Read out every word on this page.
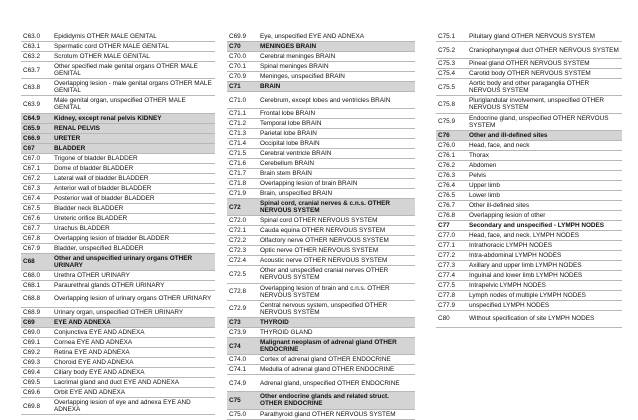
C63.0	Epididymis OTHER MALE GENITAL
C63.1	Spermatic cord OTHER MALE GENITAL
C63.2	Scrotum OTHER MALE GENITAL
C63.7	Other specified male genital organs OTHER MALE GENITAL
C63.8	Overlapping lesion - male genital organs OTHER MALE GENITAL
C63.9	Male genital organ, unspecified OTHER MALE GENITAL
C64.9	Kidney, except renal pelvis KIDNEY
C65.9	RENAL PELVIS
C66.9	URETER
C67	BLADDER
C67.0	Trigone of bladder BLADDER
C67.1	Dome of bladder BLADDER
C67.2	Lateral wall of bladder BLADDER
C67.3	Anterior wall of bladder BLADDER
C67.4	Posterior wall of bladder BLADDER
C67.5	Bladder neck BLADDER
C67.6	Ureteric orifice BLADDER
C67.7	Urachus BLADDER
C67.8	Overlapping lesion of bladder BLADDER
C67.9	Bladder, unspecified BLADDER
C68	Other and unspecified urinary organs OTHER URINARY
C68.0	Urethra OTHER URINARY
C68.1	Paraurethral glands OTHER URINARY
C68.8	Overlapping lesion of urinary organs OTHER URINARY
C68.9	Urinary organ, unspecified OTHER URINARY
C69	EYE AND ADNEXA
C69.0	Conjunctiva EYE AND ADNEXA
C69.1	Cornea EYE AND ADNEXA
C69.2	Retina EYE AND ADNEXA
C69.3	Choroid EYE AND ADNEXA
C69.4	Ciliary body EYE AND ADNEXA
C69.5	Lacrimal gland and duct EYE AND ADNEXA
C69.6	Orbit EYE AND ADNEXA
C69.8	Overlapping lesion of eye and adnexa EYE AND ADNEXA
C69.9	Eye, unspecified EYE AND ADNEXA
C70	MENINGES BRAIN
C70.0	Cerebral meninges BRAIN
C70.1	Spinal meninges BRAIN
C70.9	Meninges, unspecified BRAIN
C71	BRAIN
C71.0	Cerebrum, except lobes and ventricles BRAIN
C71.1	Frontal lobe BRAIN
C71.2	Temporal lobe BRAIN
C71.3	Parietal lobe BRAIN
C71.4	Occipital lobe BRAIN
C71.5	Cerebral ventricle BRAIN
C71.6	Cerebellum BRAIN
C71.7	Brain stem BRAIN
C71.8	Overlapping lesion of brain BRAIN
C71.9	Brain, unspecified BRAIN
C72	Spinal cord, cranial nerves & c.n.s. OTHER NERVOUS SYSTEM
C72.0	Spinal cord OTHER NERVOUS SYSTEM
C72.1	Cauda equina OTHER NERVOUS SYSTEM
C72.2	Olfactory nerve OTHER NERVOUS SYSTEM
C72.3	Optic nerve OTHER NERVOUS SYSTEM
C72.4	Acoustic nerve OTHER NERVOUS SYSTEM
C72.5	Other and unspecified cranial nerves OTHER NERVOUS SYSTEM
C72.8	Overlapping lesion of brain and c.n.s. OTHER NERVOUS SYSTEM
C72.9	Central nervous system, unspecified OTHER NERVOUS SYSTEM
C73	THYROID
C73.9	THYROID GLAND
C74	Malignant neoplasm of adrenal gland OTHER ENDOCRINE
C74.0	Cortex of adrenal gland OTHER ENDOCRINE
C74.1	Medulla of adrenal gland OTHER ENDOCRINE
C74.9	Adrenal gland, unspecified OTHER ENDOCRINE
C75	Other endocrine glands and related struct. OTHER ENDOCRINE
C75.0	Parathyroid gland OTHER NERVOUS SYSTEM
C75.1	Pituitary gland OTHER NERVOUS SYSTEM
C75.2	Craniopharyngeal duct OTHER NERVOUS SYSTEM
C75.3	Pineal gland OTHER NERVOUS SYSTEM
C75.4	Carotid body OTHER NERVOUS SYSTEM
C75.5	Aortic body and other paraganglia OTHER NERVOUS SYSTEM
C75.8	Pluriglandular involvement, unspecified OTHER NERVOUS SYSTEM
C75.9	Endocrine gland, unspecified OTHER NERVOUS SYSTEM
C76	Other and ill-defined sites
C76.0	Head, face, and neck
C76.1	Thorax
C76.2	Abdomen
C76.3	Pelvis
C76.4	Upper limb
C76.5	Lower limb
C76.7	Other ill-defined sites
C76.8	Overlapping lesion of other
C77	Secondary and unspecified - LYMPH NODES
C77.0	Head, face, and neck. LYMPH NODES
C77.1	Intrathoracic LYMPH NODES
C77.2	Intra-abdominal LYMPH NODES
C77.3	Axillary and upper limb LYMPH NODES
C77.4	Inguinal and lower limb LYMPH NODES
C77.5	Intrapelvic LYMPH NODES
C77.8	Lymph nodes of multiple LYMPH NODES
C77.9	unspecified LYMPH NODES
C80	Without specification of site LYMPH NODES
